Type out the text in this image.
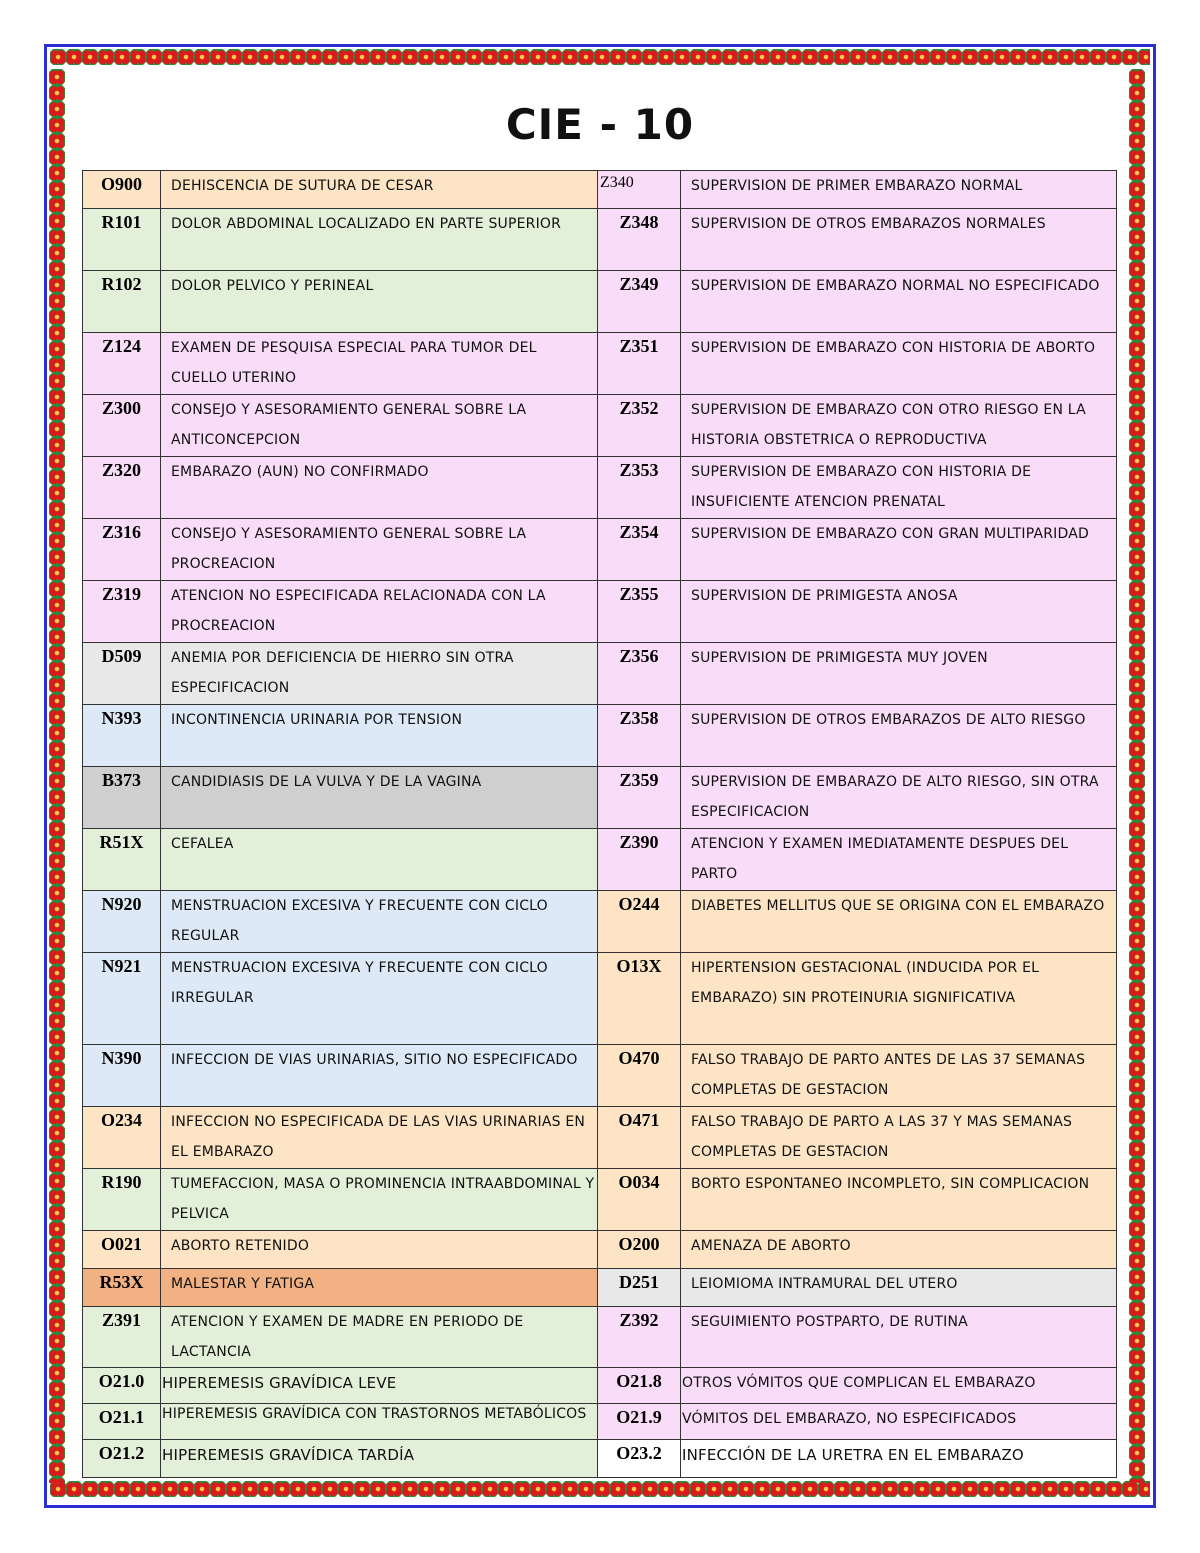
CIE - 10
O900	DEHISCENCIA DE SUTURA DE CESAR	Z340	SUPERVISION DE PRIMER EMBARAZO NORMAL
R101	DOLOR ABDOMINAL LOCALIZADO EN PARTE SUPERIOR	Z348	SUPERVISION DE OTROS EMBARAZOS NORMALES
R102	DOLOR PELVICO Y PERINEAL	Z349	SUPERVISION DE EMBARAZO NORMAL NO ESPECIFICADO
Z124	EXAMEN DE PESQUISA ESPECIAL PARA TUMOR DEL CUELLO UTERINO	Z351	SUPERVISION DE EMBARAZO CON HISTORIA DE ABORTO
Z300	CONSEJO Y ASESORAMIENTO GENERAL SOBRE LA ANTICONCEPCION	Z352	SUPERVISION DE EMBARAZO CON OTRO RIESGO EN LA HISTORIA OBSTETRICA O REPRODUCTIVA
Z320	EMBARAZO (AUN) NO CONFIRMADO	Z353	SUPERVISION DE EMBARAZO CON HISTORIA DE INSUFICIENTE ATENCION PRENATAL
Z316	CONSEJO Y ASESORAMIENTO GENERAL SOBRE LA PROCREACION	Z354	SUPERVISION DE EMBARAZO CON GRAN MULTIPARIDAD
Z319	ATENCION NO ESPECIFICADA RELACIONADA CON LA PROCREACION	Z355	SUPERVISION DE PRIMIGESTA ANOSA
D509	ANEMIA POR DEFICIENCIA DE HIERRO SIN OTRA ESPECIFICACION	Z356	SUPERVISION DE PRIMIGESTA MUY JOVEN
N393	INCONTINENCIA URINARIA POR TENSION	Z358	SUPERVISION DE OTROS EMBARAZOS DE ALTO RIESGO
B373	CANDIDIASIS DE LA VULVA Y DE LA VAGINA	Z359	SUPERVISION DE EMBARAZO DE ALTO RIESGO, SIN OTRA ESPECIFICACION
R51X	CEFALEA	Z390	ATENCION Y EXAMEN IMEDIATAMENTE DESPUES DEL PARTO
N920	MENSTRUACION EXCESIVA Y FRECUENTE CON CICLO REGULAR	O244	DIABETES MELLITUS QUE SE ORIGINA CON EL EMBARAZO
N921	MENSTRUACION EXCESIVA Y FRECUENTE CON CICLO IRREGULAR	O13X	HIPERTENSION GESTACIONAL (INDUCIDA POR EL EMBARAZO) SIN PROTEINURIA SIGNIFICATIVA
N390	INFECCION DE VIAS URINARIAS, SITIO NO ESPECIFICADO	O470	FALSO TRABAJO DE PARTO ANTES DE LAS 37 SEMANAS COMPLETAS DE GESTACION
O234	INFECCION NO ESPECIFICADA DE LAS VIAS URINARIAS EN EL EMBARAZO	O471	FALSO TRABAJO DE PARTO A LAS 37 Y MAS SEMANAS COMPLETAS DE GESTACION
R190	TUMEFACCION, MASA O PROMINENCIA INTRAABDOMINAL Y PELVICA	O034	BORTO ESPONTANEO INCOMPLETO, SIN COMPLICACION
O021	ABORTO RETENIDO	O200	AMENAZA DE ABORTO
R53X	MALESTAR Y FATIGA	D251	LEIOMIOMA INTRAMURAL DEL UTERO
Z391	ATENCION Y EXAMEN DE MADRE EN PERIODO DE LACTANCIA	Z392	SEGUIMIENTO POSTPARTO, DE RUTINA
O21.0	HIPEREMESIS GRAVÍDICA LEVE	O21.8	OTROS VÓMITOS QUE COMPLICAN EL EMBARAZO
O21.1	HIPEREMESIS GRAVÍDICA CON TRASTORNOS METABÓLICOS	O21.9	VÓMITOS DEL EMBARAZO, NO ESPECIFICADOS
O21.2	HIPEREMESIS GRAVÍDICA TARDÍA	O23.2	INFECCIÓN DE LA URETRA EN EL EMBARAZO
